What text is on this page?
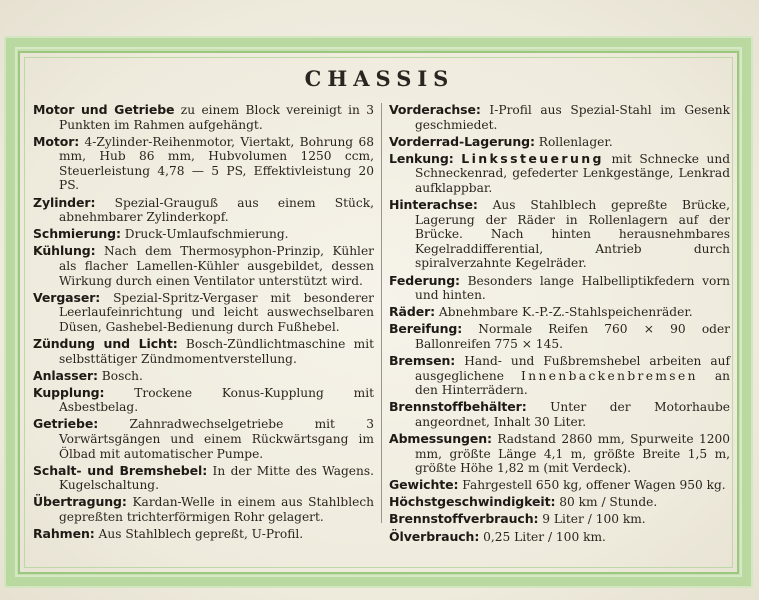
CHASSIS

Motor und Getriebe zu einem Block vereinigt in 3 Punkten im Rahmen aufgehängt.

Motor: 4-Zylinder-Reihenmotor, Viertakt, Bohrung 68 mm, Hub 86 mm, Hubvolumen 1250 ccm, Steuerleistung 4,78 — 5 PS, Effektivleistung 20 PS.

Zylinder: Spezial-Grauguß aus einem Stück, abnehmbarer Zylinderkopf.

Schmierung: Druck-Umlaufschmierung.

Kühlung: Nach dem Thermosyphon-Prinzip, Kühler als flacher Lamellen-Kühler ausgebildet, dessen Wirkung durch einen Ventilator unterstützt wird.

Vergaser: Spezial-Spritz-Vergaser mit besonderer Leerlaufeinrichtung und leicht auswechselbaren Düsen, Gashebel-Bedienung durch Fußhebel.

Zündung und Licht: Bosch-Zündlichtmaschine mit selbsttätiger Zündmomentverstellung.

Anlasser: Bosch.

Kupplung: Trockene Konus-Kupplung mit Asbestbelag.

Getriebe: Zahnradwechselgetriebe mit 3 Vorwärtsgängen und einem Rückwärtsgang im Ölbad mit automatischer Pumpe.

Schalt- und Bremshebel: In der Mitte des Wagens. Kugelschaltung.

Übertragung: Kardan-Welle in einem aus Stahlblech gepreßten trichterförmigen Rohr gelagert.

Rahmen: Aus Stahlblech gepreßt, U-Profil.

Vorderachse: I-Profil aus Spezial-Stahl im Gesenk geschmiedet.

Vorderrad-Lagerung: Rollenlager.

Lenkung: Linkssteuerung mit Schnecke und Schneckenrad, gefederter Lenkgestänge, Lenkrad aufklappbar.

Hinterachse: Aus Stahlblech gepreßte Brücke, Lagerung der Räder in Rollenlagern auf der Brücke. Nach hinten herausnehmbares Kegelraddifferential, Antrieb durch spiralverzahnte Kegelräder.

Federung: Besonders lange Halbelliptikfedern vorn und hinten.

Räder: Abnehmbare K.-P.-Z.-Stahlspeichenräder.

Bereifung: Normale Reifen 760 × 90 oder Ballonreifen 775 × 145.

Bremsen: Hand- und Fußbremshebel arbeiten auf ausgeglichene Innenbackenbremsen an den Hinterrädern.

Brennstoffbehälter: Unter der Motorhaube angeordnet, Inhalt 30 Liter.

Abmessungen: Radstand 2860 mm, Spurweite 1200 mm, größte Länge 4,1 m, größte Breite 1,5 m, größte Höhe 1,82 m (mit Verdeck).

Gewichte: Fahrgestell 650 kg, offener Wagen 950 kg.

Höchstgeschwindigkeit: 80 km / Stunde.

Brennstoffverbrauch: 9 Liter / 100 km.

Ölverbrauch: 0,25 Liter / 100 km.
